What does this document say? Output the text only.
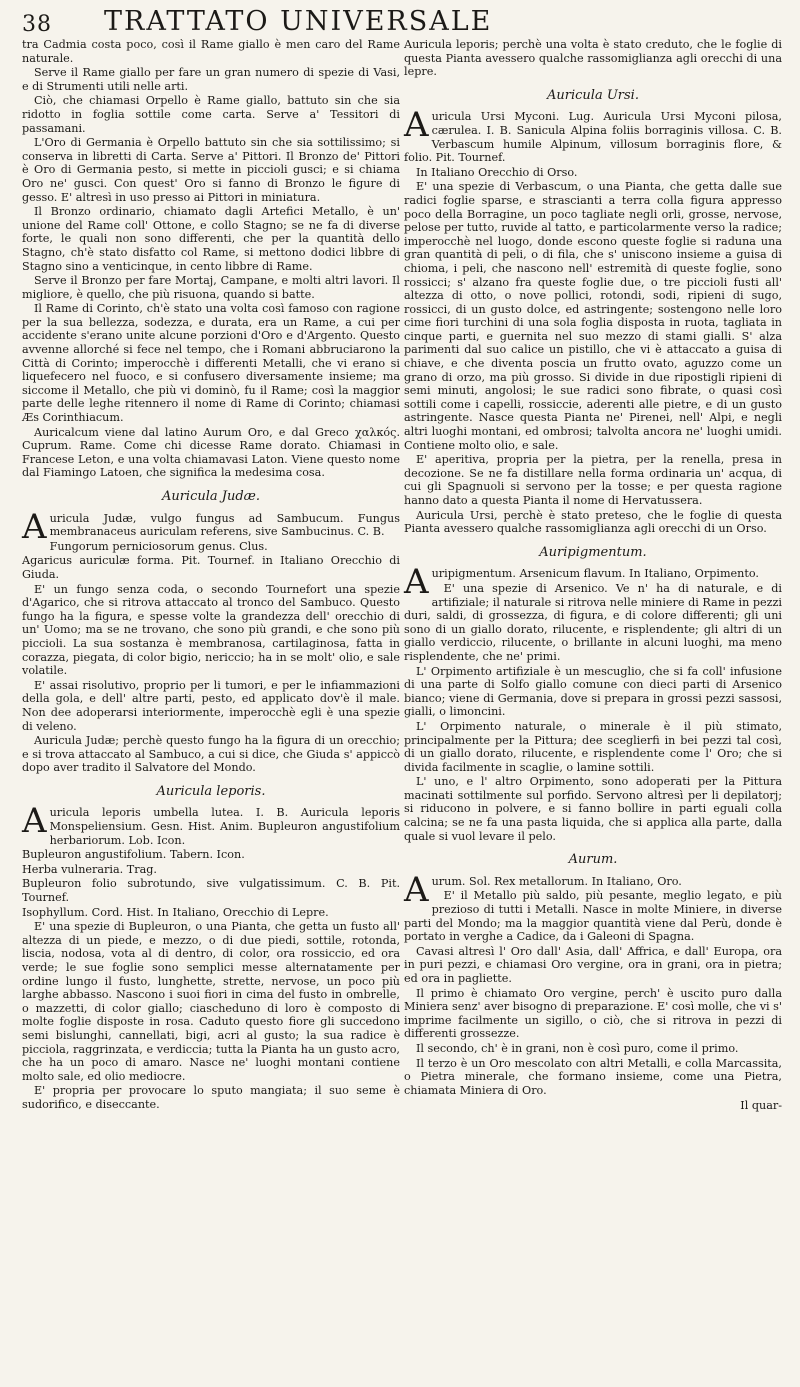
38 TRATTATO UNIVERSALE

tra Cadmia costa poco, così il Rame giallo è men caro del Rame naturale.

Serve il Rame giallo per fare un gran numero di spezie di Vasi, e di Strumenti utili nelle arti.

Ciò, che chiamasi Orpello è Rame giallo, battuto sin che sia ridotto in foglia sottile come carta. Serve a' Tessitori di passamani.

L'Oro di Germania è Orpello battuto sin che sia sottilissimo; si conserva in libretti di Carta. Serve a' Pittori. Il Bronzo de' Pittori è Oro di Germania pesto, si mette in piccioli gusci; e si chiama Oro ne' gusci. Con quest' Oro si fanno di Bronzo le figure di gesso. E' altresì in uso presso ai Pittori in miniatura.

Il Bronzo ordinario, chiamato dagli Artefici Metallo, è un' unione del Rame coll' Ottone, e collo Stagno; se ne fa di diverse forte, le quali non sono differenti, che per la quantità dello Stagno, ch'è stato disfatto col Rame, si mettono dodici libbre di Stagno sino a venticinque, in cento libbre di Rame.

Serve il Bronzo per fare Mortaj, Campane, e molti altri lavori. Il migliore, è quello, che più risuona, quando si batte.

Il Rame di Corinto, ch'è stato una volta così famoso con ragione per la sua bellezza, sodezza, e durata, era un Rame, a cui per accidente s'erano unite alcune porzioni d'Oro e d'Argento. Questo avvenne allorché si fece nel tempo, che i Romani abbruciarono la Città di Corinto; imperocchè i differenti Metalli, che vi erano si liquefecero nel fuoco, e si confusero diversamente insieme; ma siccome il Metallo, che più vi dominò, fu il Rame; così la maggior parte delle leghe ritennero il nome di Rame di Corinto; chiamasi Æs Corinthiacum.

Auricalcum viene dal latino Aurum Oro, e dal Greco χαλκός. Cuprum. Rame. Come chi dicesse Rame dorato. Chiamasi in Francese Leton, e una volta chiamavasi Laton. Viene questo nome dal Fiamingo Latoen, che significa la medesima cosa.

Auricula Judæ.

Auricula Judæ, vulgo fungus ad Sambucum. Fungus membranaceus auriculam referens, sive Sambucinus. C. B.

Fungorum perniciosorum genus. Clus.

Agaricus auriculæ forma. Pit. Tournef. in Italiano Orecchio di Giuda.

E' un fungo senza coda, o secondo Tournefort una spezie d'Agarico, che si ritrova attaccato al tronco del Sambuco. Questo fungo ha la figura, e spesse volte la grandezza dell' orecchio di un' Uomo; ma se ne trovano, che sono più grandi, e che sono più piccioli. La sua sostanza è membranosa, cartilaginosa, fatta in corazza, piegata, di color bigio, nericcio; ha in se molt' olio, e sale volatile.

E' assai risolutivo, proprio per li tumori, e per le infiammazioni della gola, e dell' altre parti, pesto, ed applicato dov'è il male. Non dee adoperarsi interiormente, imperocchè egli è una spezie di veleno.

Auricula Judæ; perchè questo fungo ha la figura di un orecchio; e si trova attaccato al Sambuco, a cui si dice, che Giuda s' appiccò dopo aver tradito il Salvatore del Mondo.

Auricula leporis.

Auricula leporis umbella lutea. I. B. Auricula leporis Monspeliensium. Gesn. Hist. Anim. Bupleuron angustifolium herbariorum. Lob. Icon.

Bupleuron angustifolium. Tabern. Icon.

Herba vulneraria. Trag.

Bupleuron folio subrotundo, sive vulgatissimum. C. B. Pit. Tournef.

Isophyllum. Cord. Hist. In Italiano, Orecchio di Lepre.

E' una spezie di Bupleuron, o una Pianta, che getta un fusto all' altezza di un piede, e mezzo, o di due piedi, sottile, rotonda, liscia, nodosa, vota al di dentro, di color, ora rossiccio, ed ora verde; le sue foglie sono semplici messe alternatamente per ordine lungo il fusto, lunghette, strette, nervose, un poco più larghe abbasso. Nascono i suoi fiori in cima del fusto in ombrelle, o mazzetti, di color giallo; ciascheduno di loro è composto di molte foglie disposte in rosa. Caduto questo fiore gli succedono semi bislunghi, cannellati, bigi, acri al gusto; la sua radice è picciola, raggrinzata, e verdiccia; tutta la Pianta ha un gusto acro, che ha un poco di amaro. Nasce ne' luoghi montani contiene molto sale, ed olio mediocre.

E' propria per provocare lo sputo mangiata; il suo seme è sudorifico, e diseccante.

Auricula leporis; perchè una volta è stato creduto, che le foglie di questa Pianta avessero qualche rassomiglianza agli orecchi di una lepre.

Auricula Ursi.

Auricula Ursi Myconi. Lug. Auricula Ursi Myconi pilosa, cærulea. I. B. Sanicula Alpina foliis borraginis villosa. C. B. Verbascum humile Alpinum, villosum borraginis flore, & folio. Pit. Tournef.

In Italiano Orecchio di Orso.

E' una spezie di Verbascum, o una Pianta, che getta dalle sue radici foglie sparse, e strascianti a terra colla figura appresso poco della Borragine, un poco tagliate negli orli, grosse, nervose, pelose per tutto, ruvide al tatto, e particolarmente verso la radice; imperocchè nel luogo, donde escono queste foglie si raduna una gran quantità di peli, o di fila, che s' uniscono insieme a guisa di chioma, i peli, che nascono nell' estremità di queste foglie, sono rossicci; s' alzano fra queste foglie due, o tre piccioli fusti all' altezza di otto, o nove pollici, rotondi, sodi, ripieni di sugo, rossicci, di un gusto dolce, ed astringente; sostengono nelle loro cime fiori turchini di una sola foglia disposta in ruota, tagliata in cinque parti, e guernita nel suo mezzo di stami gialli. S' alza parimenti dal suo calice un pistillo, che vi è attaccato a guisa di chiave, e che diventa poscia un frutto ovato, aguzzo come un grano di orzo, ma più grosso. Si divide in due ripostigli ripieni di semi minuti, angolosi; le sue radici sono fibrate, o quasi così sottili come i capelli, rossiccie, aderenti alle pietre, e di un gusto astringente. Nasce questa Pianta ne' Pirenei, nell' Alpi, e negli altri luoghi montani, ed ombrosi; talvolta ancora ne' luoghi umidi. Contiene molto olio, e sale.

E' aperitiva, propria per la pietra, per la renella, presa in decozione. Se ne fa distillare nella forma ordinaria un' acqua, di cui gli Spagnuoli si servono per la tosse; e per questa ragione hanno dato a questa Pianta il nome di Hervatussera.

Auricula Ursi, perchè è stato preteso, che le foglie di questa Pianta avessero qualche rassomiglianza agli orecchi di un Orso.

Auripigmentum.

Auripigmentum. Arsenicum flavum. In Italiano, Orpimento.

E' una spezie di Arsenico. Ve n' ha di naturale, e di artifiziale; il naturale si ritrova nelle miniere di Rame in pezzi duri, saldi, di grossezza, di figura, e di colore differenti; gli uni sono di un giallo dorato, rilucente, e risplendente; gli altri di un giallo verdiccio, rilucente, o brillante in alcuni luoghi, ma meno risplendente, che ne' primi.

L' Orpimento artifiziale è un mescuglio, che si fa coll' infusione di una parte di Solfo giallo comune con dieci parti di Arsenico bianco; viene di Germania, dove si prepara in grossi pezzi sassosi, gialli, o limoncini.

L' Orpimento naturale, o minerale è il più stimato, principalmente per la Pittura; dee sceglierfi in bei pezzi tal così, di un giallo dorato, rilucente, e risplendente come l' Oro; che si divida facilmente in scaglie, o lamine sottili.

L' uno, e l' altro Orpimento, sono adoperati per la Pittura macinati sottilmente sul porfido. Servono altresì per li depilatorj; si riducono in polvere, e si fanno bollire in parti eguali colla calcina; se ne fa una pasta liquida, che si applica alla parte, dalla quale si vuol levare il pelo.

Aurum.

Aurum. Sol. Rex metallorum. In Italiano, Oro.

E' il Metallo più saldo, più pesante, meglio legato, e più prezioso di tutti i Metalli. Nasce in molte Miniere, in diverse parti del Mondo; ma la maggior quantità viene dal Perù, donde è portato in verghe a Cadice, da i Galeoni di Spagna.

Cavasi altresì l' Oro dall' Asia, dall' Affrica, e dall' Europa, ora in puri pezzi, e chiamasi Oro vergine, ora in grani, ora in pietra; ed ora in pagliette.

Il primo è chiamato Oro vergine, perch' è uscito puro dalla Miniera senz' aver bisogno di preparazione. E' così molle, che vi s' imprime facilmente un sigillo, o ciò, che si ritrova in pezzi di differenti grossezze.

Il secondo, ch' è in grani, non è così puro, come il primo.

Il terzo è un Oro mescolato con altri Metalli, e colla Marcassita, o Pietra minerale, che formano insieme, come una Pietra, chiamata Miniera di Oro.

Il quar-
